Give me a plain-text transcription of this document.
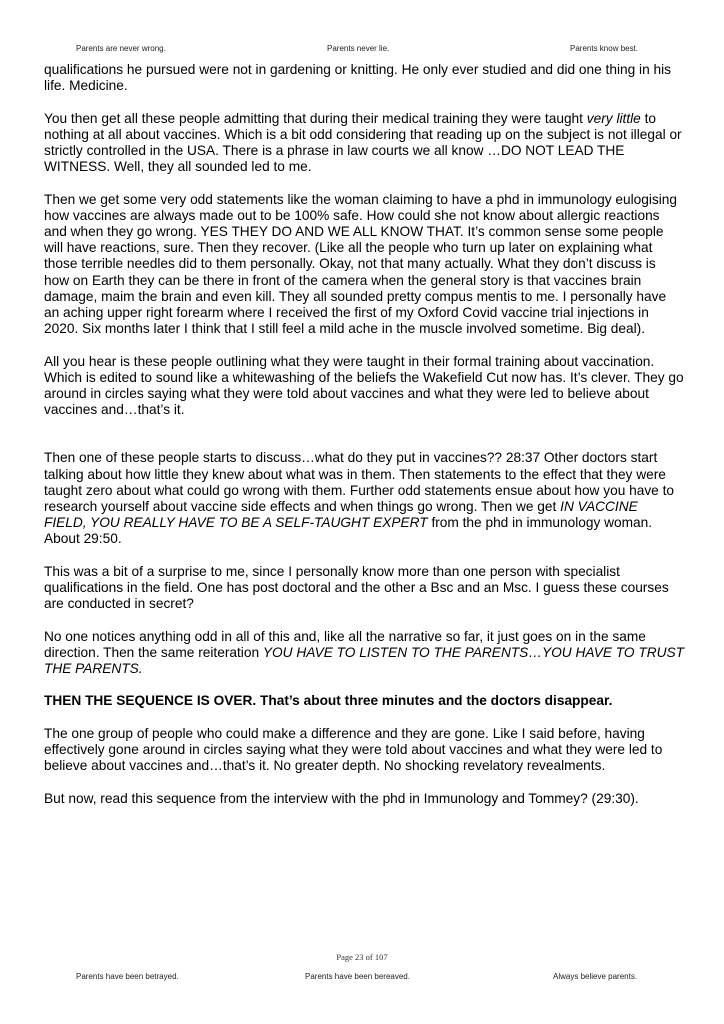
Parents are never wrong.	Parents never lie.	Parents know best.

qualifications he pursued were not in gardening or knitting. He only ever studied and did one thing in his life. Medicine.

You then get all these people admitting that during their medical training they were taught very little to nothing at all about vaccines. Which is a bit odd considering that reading up on the subject is not illegal or strictly controlled in the USA. There is a phrase in law courts we all know …DO NOT LEAD THE WITNESS. Well, they all sounded led to me.

Then we get some very odd statements like the woman claiming to have a phd in immunology eulogising how vaccines are always made out to be 100% safe. How could she not know about allergic reactions and when they go wrong. YES THEY DO AND WE ALL KNOW THAT. It’s common sense some people will have reactions, sure. Then they recover. (Like all the people who turn up later on explaining what those terrible needles did to them personally. Okay, not that many actually. What they don’t discuss is how on Earth they can be there in front of the camera when the general story is that vaccines brain damage, maim the brain and even kill. They all sounded pretty compus mentis to me. I personally have an aching upper right forearm where I received the first of my Oxford Covid vaccine trial injections in 2020. Six months later I think that I still feel a mild ache in the muscle involved sometime. Big deal).

All you hear is these people outlining what they were taught in their formal training about vaccination. Which is edited to sound like a whitewashing of the beliefs the Wakefield Cut now has. It’s clever. They go around in circles saying what they were told about vaccines and what they were led to believe about vaccines and…that’s it.

Then one of these people starts to discuss…what do they put in vaccines?? 28:37 Other doctors start talking about how little they knew about what was in them. Then statements to the effect that they were taught zero about what could go wrong with them. Further odd statements ensue about how you have to research yourself about vaccine side effects and when things go wrong. Then we get IN VACCINE FIELD, YOU REALLY HAVE TO BE A SELF-TAUGHT EXPERT from the phd in immunology woman. About 29:50.

This was a bit of a surprise to me, since I personally know more than one person with specialist qualifications in the field. One has post doctoral and the other a Bsc and an Msc. I guess these courses are conducted in secret?

No one notices anything odd in all of this and, like all the narrative so far, it just goes on in the same direction. Then the same reiteration YOU HAVE TO LISTEN TO THE PARENTS…YOU HAVE TO TRUST THE PARENTS.

THEN THE SEQUENCE IS OVER. That’s about three minutes and the doctors disappear.

The one group of people who could make a difference and they are gone. Like I said before, having effectively gone around in circles saying what they were told about vaccines and what they were led to believe about vaccines and…that’s it. No greater depth. No shocking revelatory revealments.

But now, read this sequence from the interview with the phd in Immunology and Tommey? (29:30).

Page 23 of 107
Parents have been betrayed.	Parents have been bereaved.	Always believe parents.
